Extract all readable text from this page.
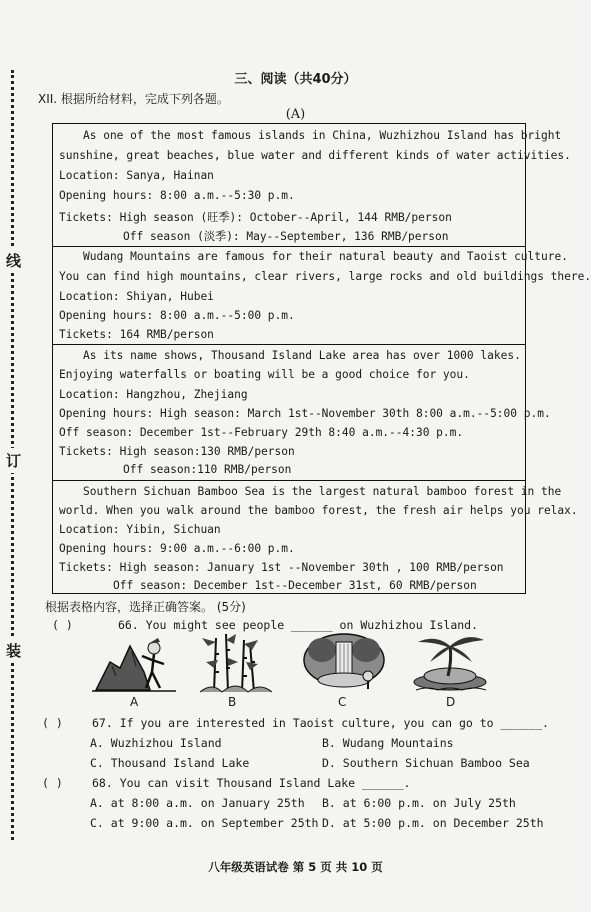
线
订
装
三、阅读（共40分）
XII. 根据所给材料，完成下列各题。
(A)
As one of the most famous islands in China, Wuzhizhou Island has bright
sunshine, great beaches, blue water and different kinds of water activities.
Location: Sanya, Hainan
Opening hours: 8:00 a.m.--5:30 p.m.
Tickets: High season (旺季): October--April, 144 RMB/person
Off season (淡季): May--September, 136 RMB/person
Wudang Mountains are famous for their natural beauty and Taoist culture.
You can find high mountains, clear rivers, large rocks and old buildings there.
Location: Shiyan, Hubei
Opening hours: 8:00 a.m.--5:00 p.m.
Tickets: 164 RMB/person
As its name shows, Thousand Island Lake area has over 1000 lakes.
Enjoying waterfalls or boating will be a good choice for you.
Location: Hangzhou, Zhejiang
Opening hours: High season: March 1st--November 30th 8:00 a.m.--5:00 p.m.
Off season: December 1st--February 29th 8:40 a.m.--4:30 p.m.
Tickets: High season:130 RMB/person
Off season:110 RMB/person
Southern Sichuan Bamboo Sea is the largest natural bamboo forest in the
world. When you walk around the bamboo forest, the fresh air helps you relax.
Location: Yibin, Sichuan
Opening hours: 9:00 a.m.--6:00 p.m.
Tickets: High season: January 1st --November 30th , 100 RMB/person
Off season: December 1st--December 31st, 60 RMB/person
根据表格内容，选择正确答案。 (5分)
( )	66. You might see people ______ on Wuzhizhou Island.
A	B	C	D
( )	67. If you are interested in Taoist culture, you can go to ______.
A. Wuzhizhou Island	B. Wudang Mountains
C. Thousand Island Lake	D. Southern Sichuan Bamboo Sea
( )	68. You can visit Thousand Island Lake ______.
A. at 8:00 a.m. on January 25th B. at 6:00 p.m. on July 25th
C. at 9:00 a.m. on September 25th D. at 5:00 p.m. on December 25th
八年级英语试卷 第 5 页 共 10 页
